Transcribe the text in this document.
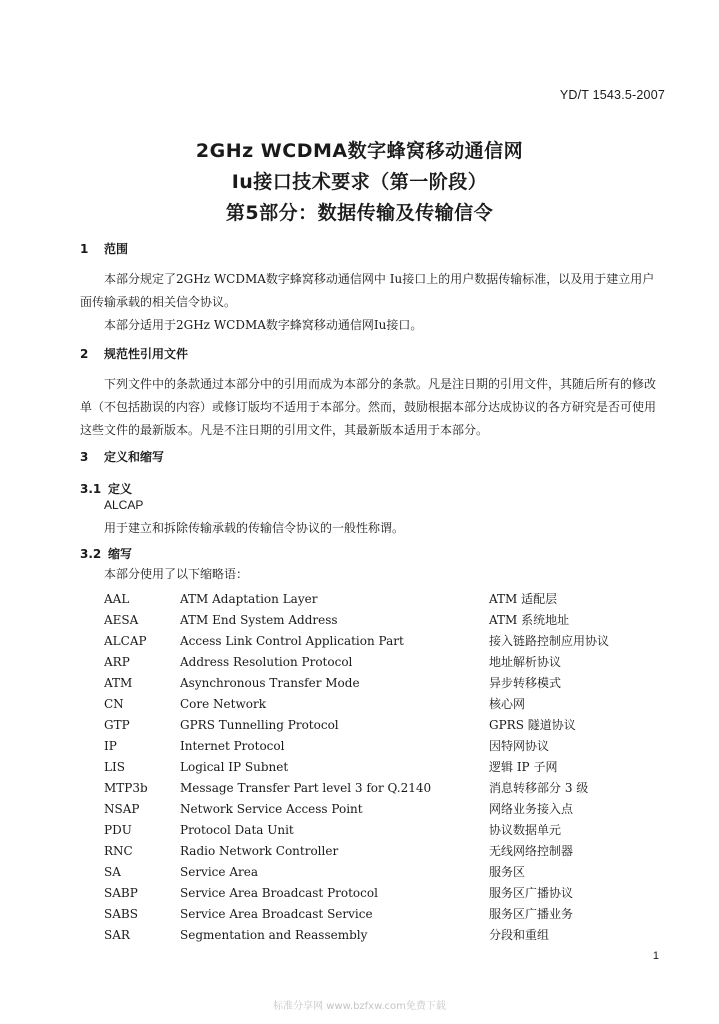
YD/T 1543.5-2007
2GHz WCDMA数字蜂窝移动通信网
Iu接口技术要求（第一阶段）
第5部分：数据传输及传输信令
1 范围
本部分规定了2GHz WCDMA数字蜂窝移动通信网中 Iu接口上的用户数据传输标准，以及用于建立用户面传输承载的相关信令协议。
本部分适用于2GHz WCDMA数字蜂窝移动通信网Iu接口。
2 规范性引用文件
下列文件中的条款通过本部分中的引用而成为本部分的条款。凡是注日期的引用文件，其随后所有的修改单（不包括勘误的内容）或修订版均不适用于本部分。然而，鼓励根据本部分达成协议的各方研究是否可使用这些文件的最新版本。凡是不注日期的引用文件，其最新版本适用于本部分。
3 定义和缩写
3.1 定义
ALCAP
用于建立和拆除传输承载的传输信令协议的一般性称谓。
3.2 缩写
本部分使用了以下缩略语：
AAL	ATM Adaptation Layer	ATM 适配层
AESA	ATM End System Address	ATM 系统地址
ALCAP	Access Link Control Application Part	接入链路控制应用协议
ARP	Address Resolution Protocol	地址解析协议
ATM	Asynchronous Transfer Mode	异步转移模式
CN	Core Network	核心网
GTP	GPRS Tunnelling Protocol	GPRS 隧道协议
IP	Internet Protocol	因特网协议
LIS	Logical IP Subnet	逻辑 IP 子网
MTP3b	Message Transfer Part level 3 for Q.2140	消息转移部分 3 级
NSAP	Network Service Access Point	网络业务接入点
PDU	Protocol Data Unit	协议数据单元
RNC	Radio Network Controller	无线网络控制器
SA	Service Area	服务区
SABP	Service Area Broadcast Protocol	服务区广播协议
SABS	Service Area Broadcast Service	服务区广播业务
SAR	Segmentation and Reassembly	分段和重组
1
标准分享网 www.bzfxw.com免费下载
